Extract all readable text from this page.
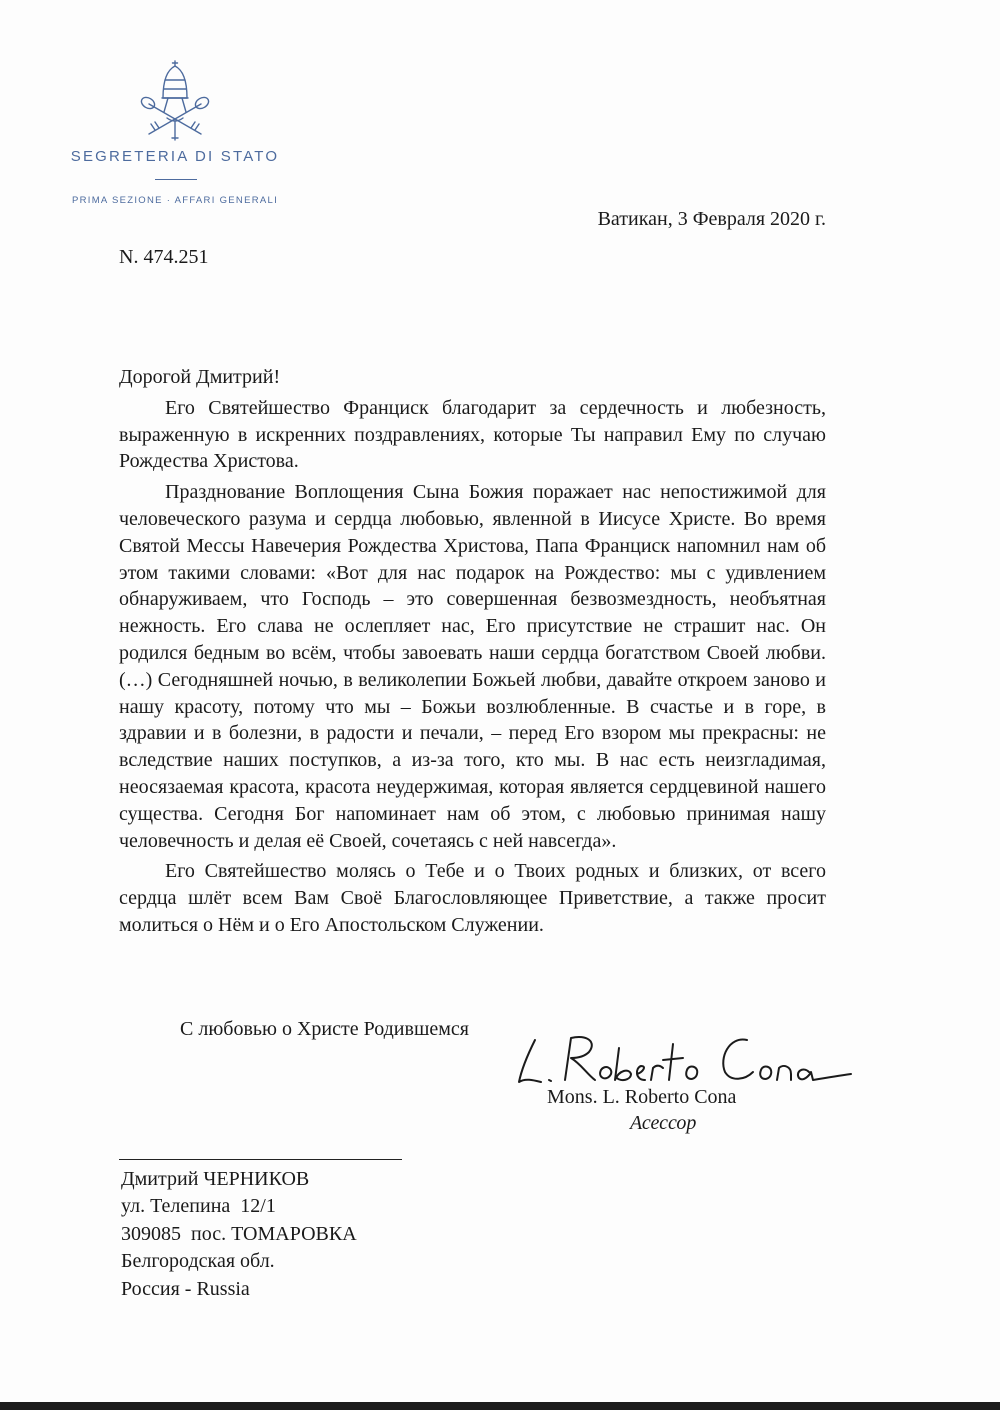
SEGRETERIA DI STATO
PRIMA SEZIONE · AFFARI GENERALI
Ватикан, 3 Февраля 2020 г.
N. 474.251

Дорогой Дмитрий!

Его Святейшество Франциск благодарит за сердечность и любезность, выраженную в искренних поздравлениях, которые Ты направил Ему по случаю Рождества Христова.

Празднование Воплощения Сына Божия поражает нас непостижимой для человеческого разума и сердца любовью, явленной в Иисусе Христе. Во время Святой Мессы Навечерия Рождества Христова, Папа Франциск напомнил нам об этом такими словами: «Вот для нас подарок на Рождество: мы с удивлением обнаруживаем, что Господь – это совершенная безвозмездность, необъятная нежность. Его слава не ослепляет нас, Его присутствие не страшит нас. Он родился бедным во всём, чтобы завоевать наши сердца богатством Своей любви. (…) Сегодняшней ночью, в великолепии Божьей любви, давайте откроем заново и нашу красоту, потому что мы – Божьи возлюбленные. В счастье и в горе, в здравии и в болезни, в радости и печали, – перед Его взором мы прекрасны: не вследствие наших поступков, а из-за того, кто мы. В нас есть неизгладимая, неосязаемая красота, красота неудержимая, которая является сердцевиной нашего существа. Сегодня Бог напоминает нам об этом, с любовью принимая нашу человечность и делая её Своей, сочетаясь с ней навсегда».

Его Святейшество молясь о Тебе и о Твоих родных и близких, от всего сердца шлёт всем Вам Своё Благословляющее Приветствие, а также просит молиться о Нём и о Его Апостольском Служении.

С любовью о Христе Родившемся
Mons. L. Roberto Cona
Асессор
Дмитрий ЧЕРНИКОВ
ул. Телепина  12/1
309085  пос. ТОМАРОВКА
Белгородская обл.
Россия - Russia
